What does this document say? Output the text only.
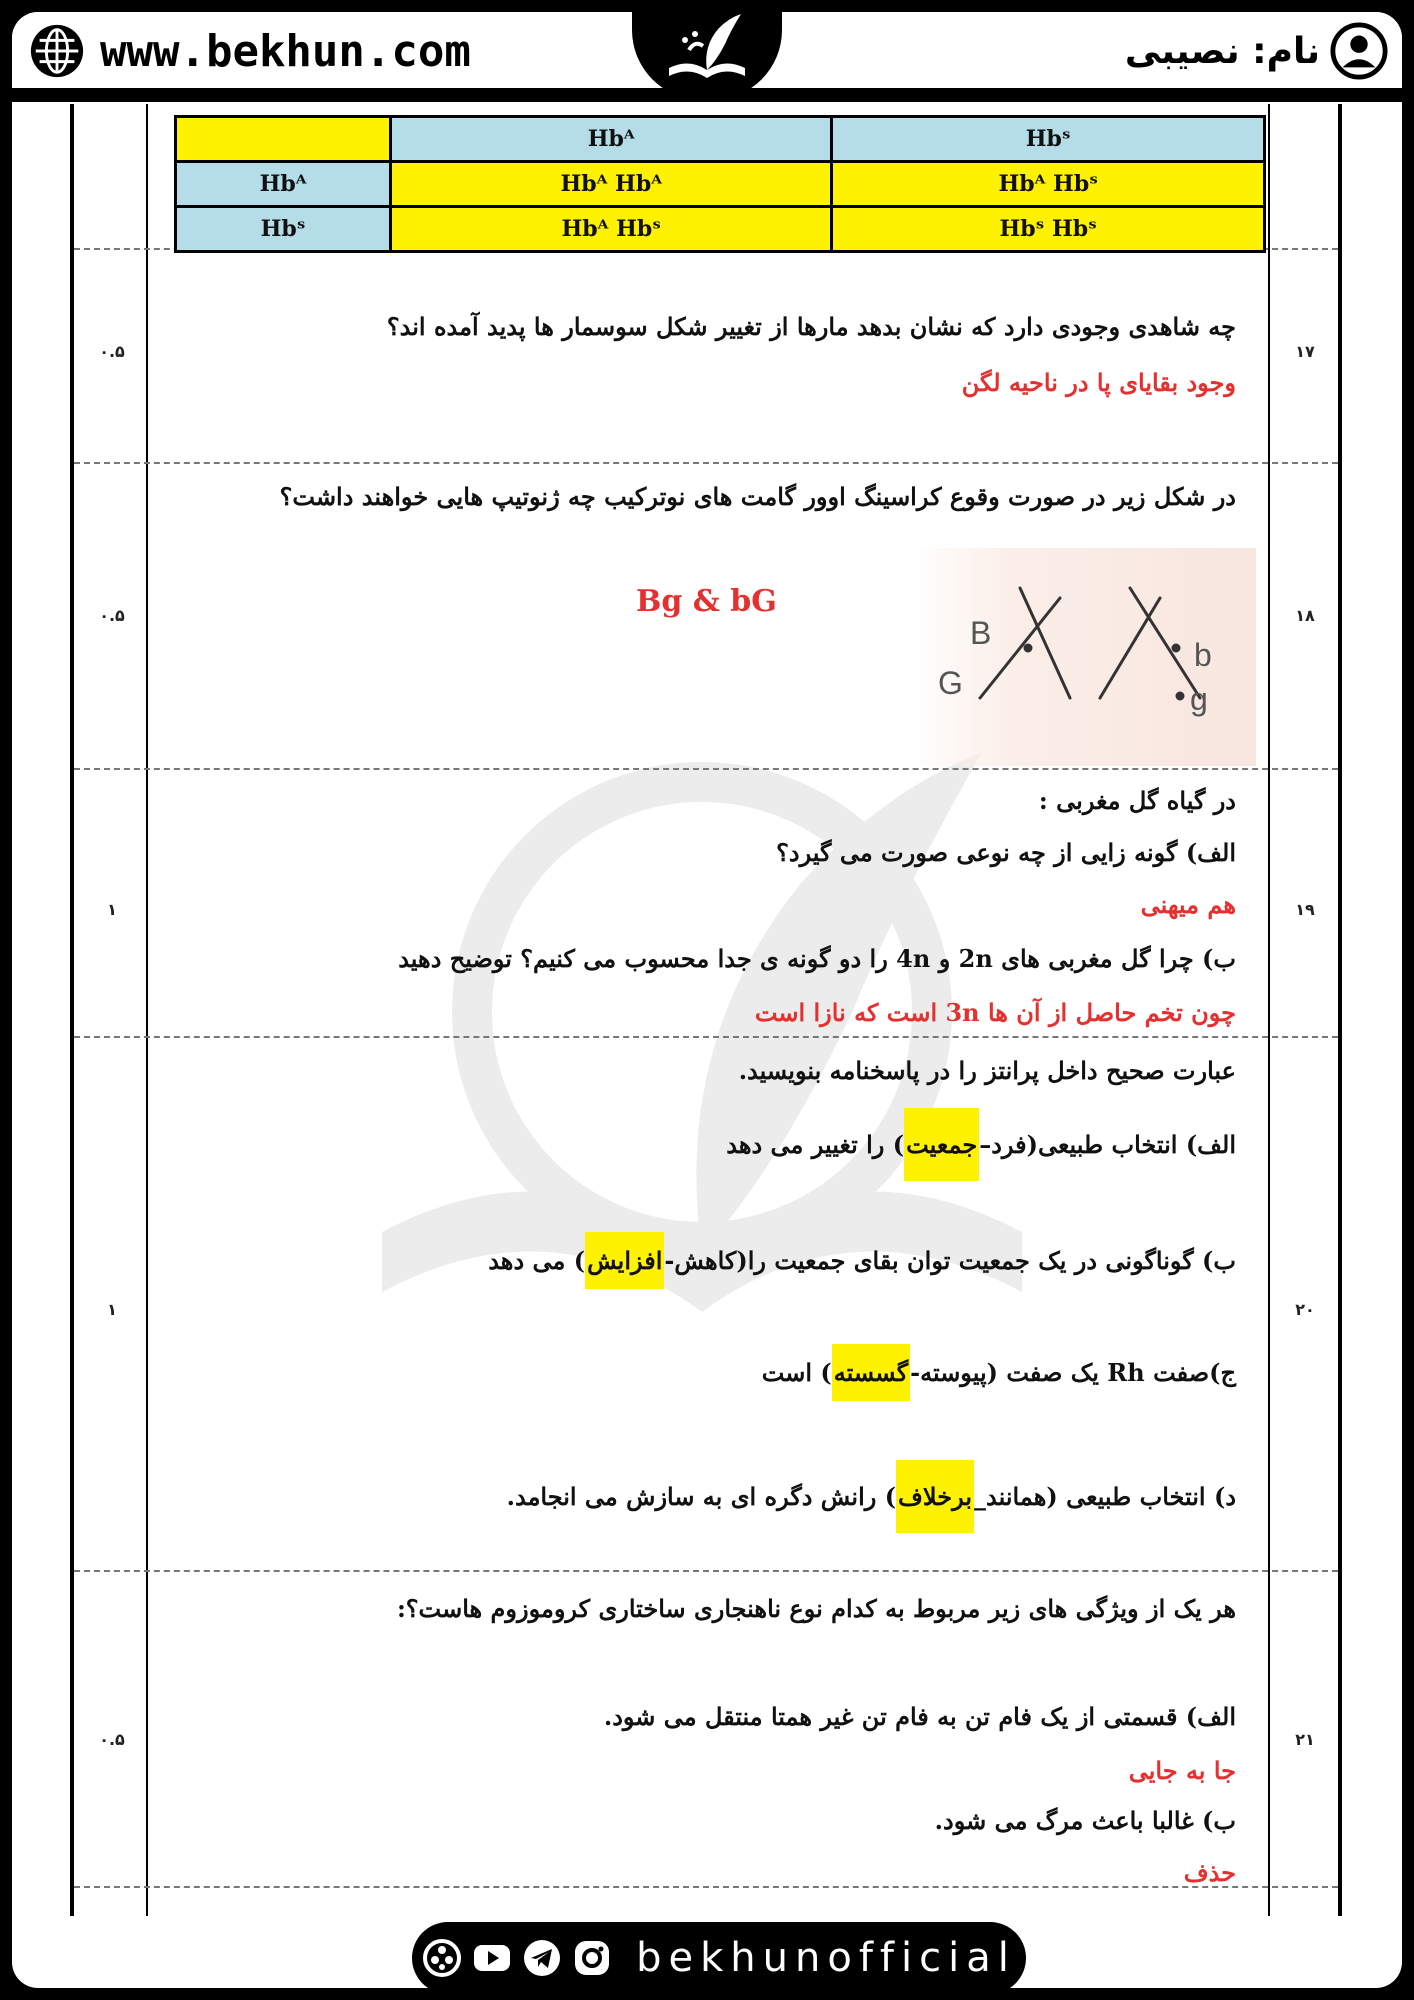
www.bekhun.com	نام: نصیبی
	Hbᴬ	Hbˢ
Hbᴬ	Hbᴬ Hbᴬ	Hbᴬ Hbˢ
Hbˢ	Hbᴬ Hbˢ	Hbˢ Hbˢ
۱۷
۰.۵
چه شاهدی وجودی دارد که نشان بدهد مارها از تغییر شکل سوسمار ها پدید آمده اند؟
وجود بقایای پا در ناحیه لگن
۱۸
۰.۵
در شکل زیر در صورت وقوع کراسینگ اوور گامت های نوترکیب چه ژنوتیپ هایی خواهند داشت؟
Bg & bG
B
G
b
g
۱۹
۱
در گیاه گل مغربی :
الف) گونه زایی از چه نوعی صورت می گیرد؟
هم میهنی
ب) چرا گل مغربی های 2n و 4n را دو گونه ی جدا محسوب می کنیم؟ توضیح دهید
چون تخم حاصل از آن ها 3n است که نازا است
۲۰
۱
عبارت صحیح داخل پرانتز را در پاسخنامه بنویسید.
الف) انتخاب طبیعی(فرد–جمعیت) را تغییر می دهد
ب) گوناگونی در یک جمعیت توان بقای جمعیت را(کاهش-افزایش) می دهد
ج)صفت Rh یک صفت (پیوسته-گسسته) است
د) انتخاب طبیعی (همانند_برخلاف) رانش دگره ای به سازش می انجامد.
۲۱
۰.۵
هر یک از ویژگی های زیر مربوط به کدام نوع ناهنجاری ساختاری کروموزوم هاست؟:
الف) قسمتی از یک فام تن به فام تن غیر همتا منتقل می شود.
جا به جایی
ب) غالبا باعث مرگ می شود.
حذف
bekhunofficial
